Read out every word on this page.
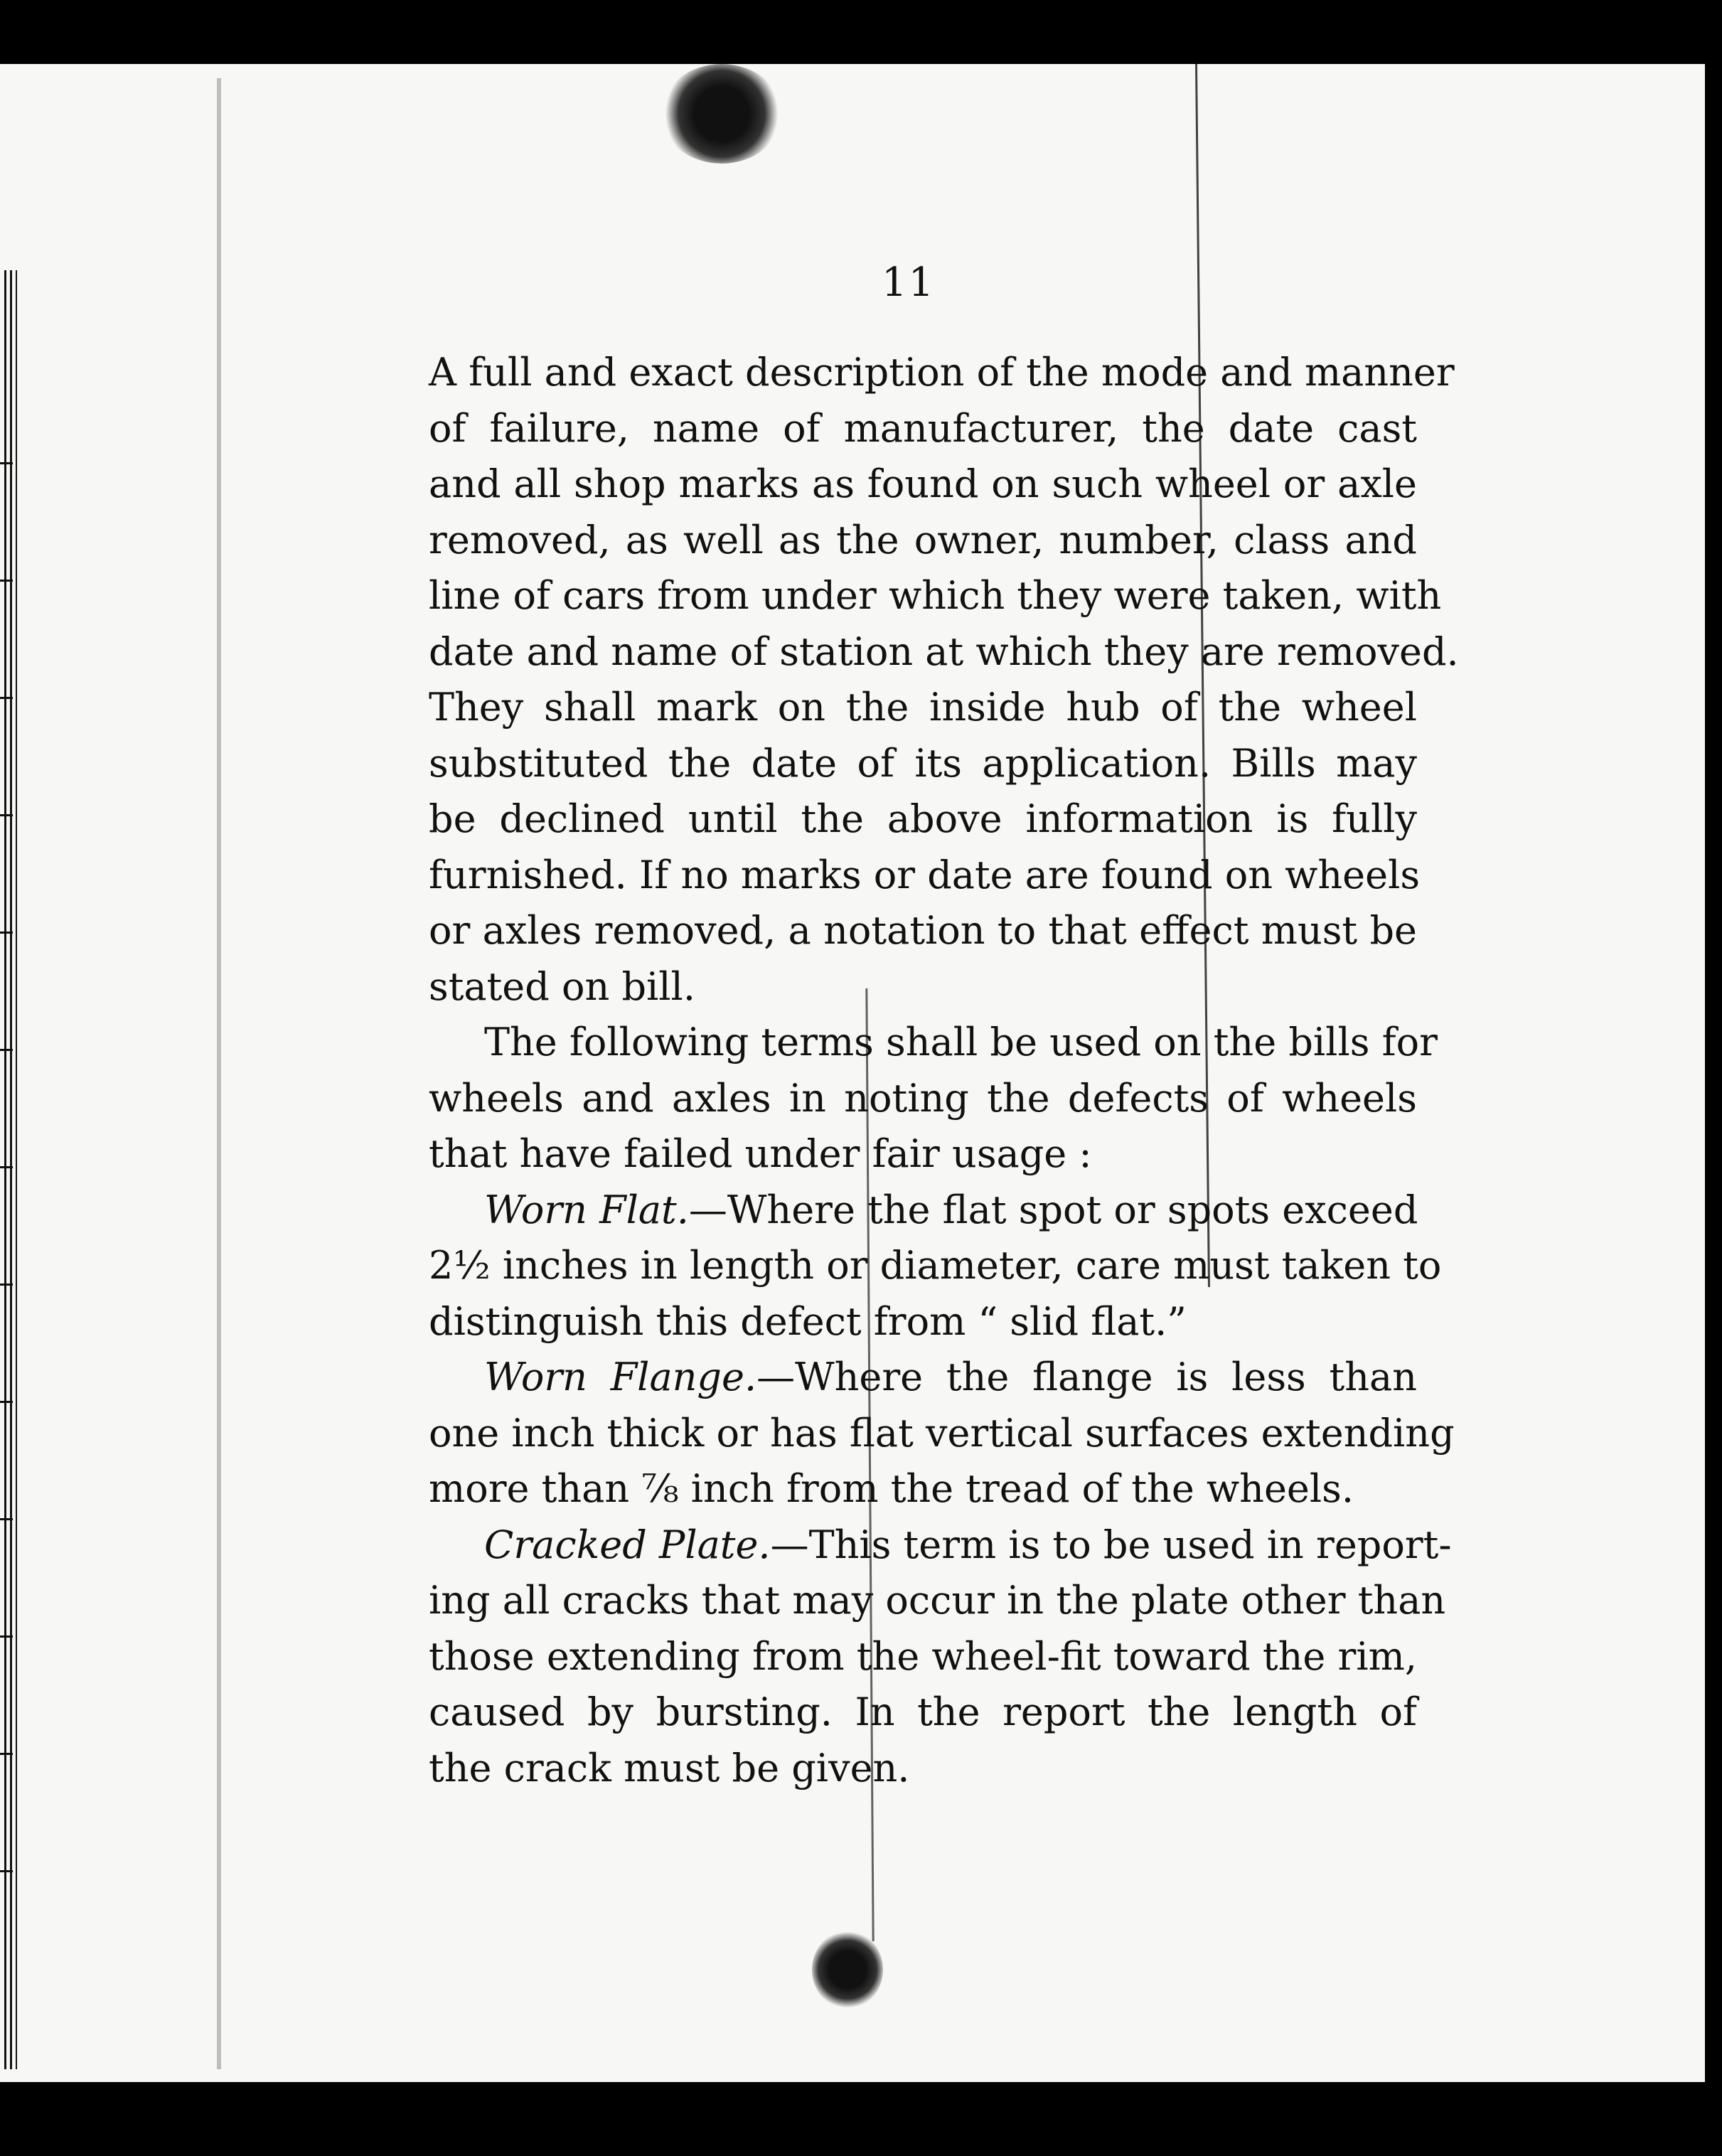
11

A full and exact description of the mode and manner
of failure, name of manufacturer, the date cast
and all shop marks as found on such wheel or axle
removed, as well as the owner, number, class and
line of cars from under which they were taken, with
date and name of station at which they are removed.
They shall mark on the inside hub of the wheel
substituted the date of its application. Bills may
be declined until the above information is fully
furnished. If no marks or date are found on wheels
or axles removed, a notation to that effect must be
stated on bill.

The following terms shall be used on the bills for
wheels and axles in noting the defects of wheels
that have failed under fair usage :

Worn Flat.—Where the flat spot or spots exceed
2½ inches in length or diameter, care must taken to
distinguish this defect from “ slid flat.”

Worn Flange.—Where the flange is less than
one inch thick or has flat vertical surfaces extending
more than ⅞ inch from the tread of the wheels.

Cracked Plate.—This term is to be used in report-
ing all cracks that may occur in the plate other than
those extending from the wheel-fit toward the rim,
caused by bursting. In the report the length of
the crack must be given.
